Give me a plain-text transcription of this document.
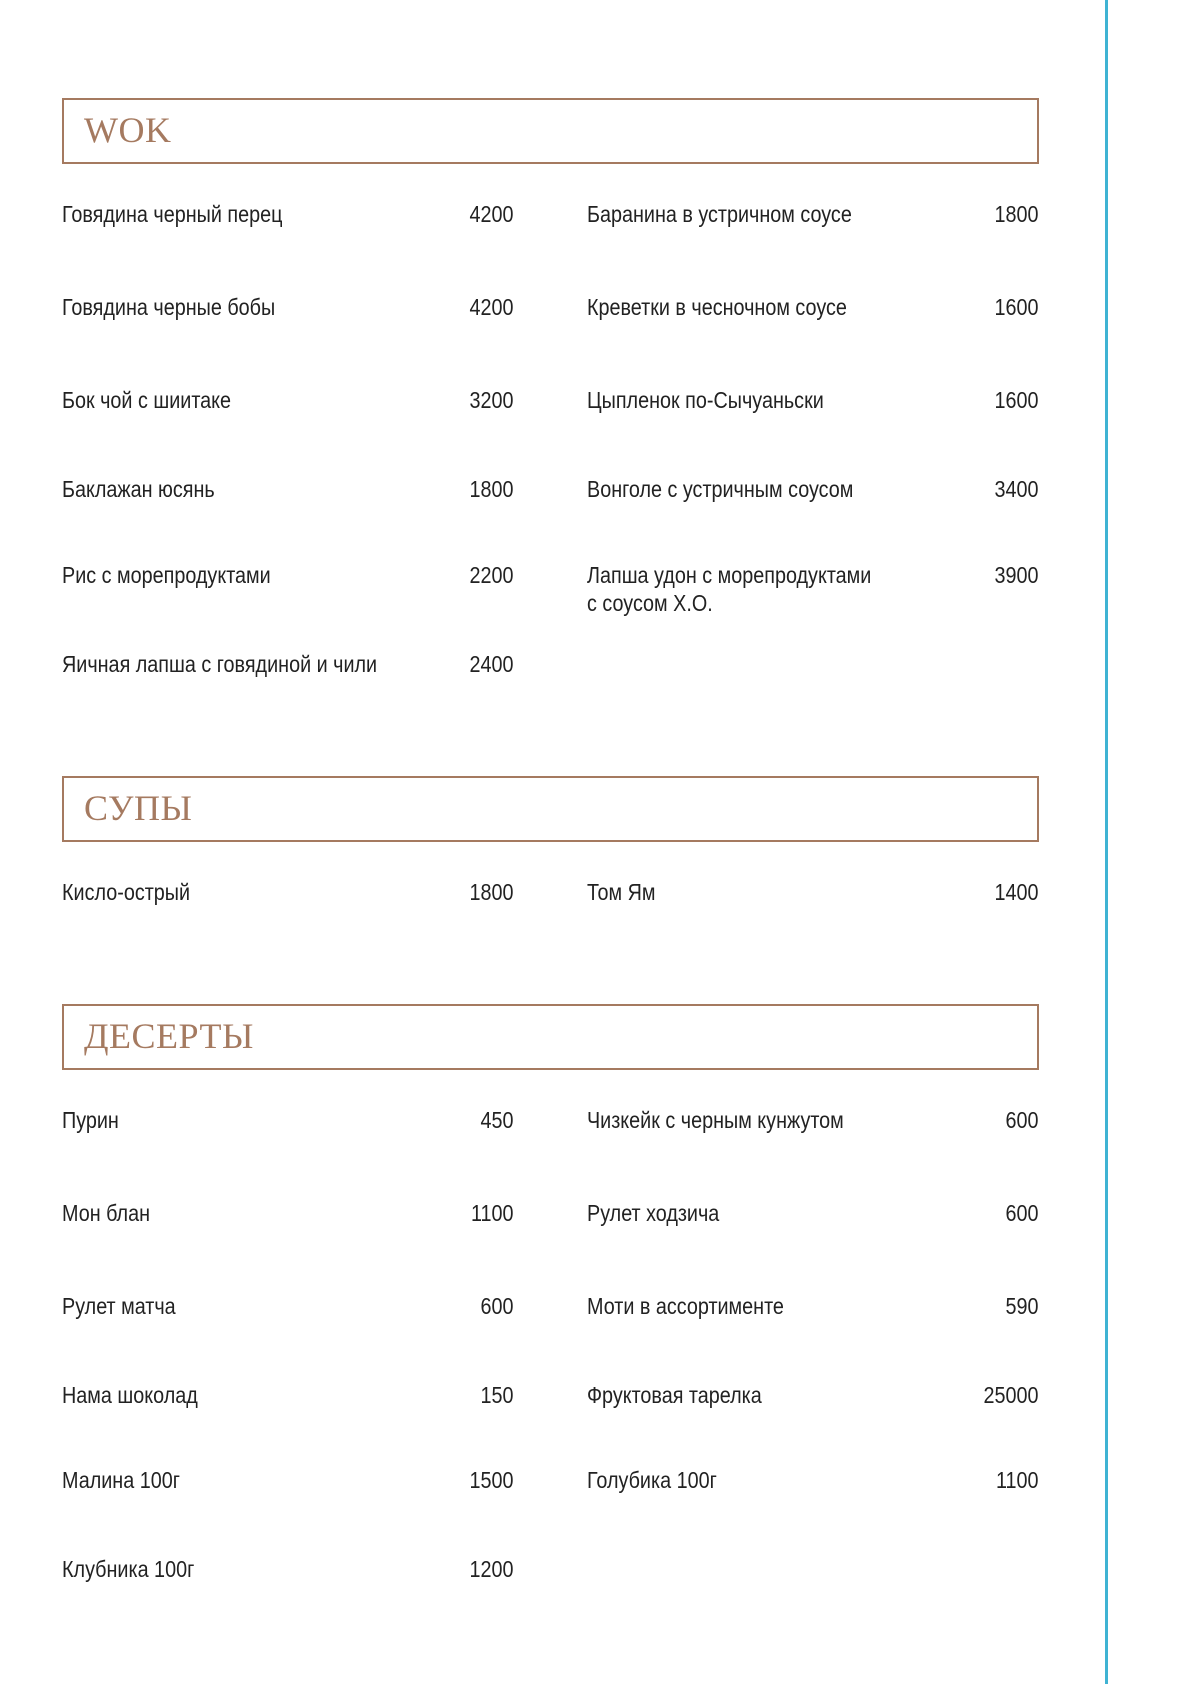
WOK
Говядина черный перец	4200
Говядина черные бобы	4200
Бок чой с шиитаке	3200
Баклажан юсянь	1800
Рис с морепродуктами	2200
Яичная лапша с говядиной и чили	2400
Баранина в устричном соусе	1800
Креветки в чесночном соусе	1600
Цыпленок по-Сычуаньски	1600
Вонголе с устричным соусом	3400
Лапша удон с морепродуктами
с соусом Х.О.
3900
СУПЫ
Кисло-острый	1800	Том Ям	1400
ДЕСЕРТЫ
Пурин	450
Мон блан	1100
Рулет матча	600
Нама шоколад	150
Малина 100г	1500
Клубника 100г	1200
Чизкейк с черным кунжутом	600
Рулет ходзича	600
Моти в ассортименте	590
Фруктовая тарелка	25000
Голубика 100г	1100
